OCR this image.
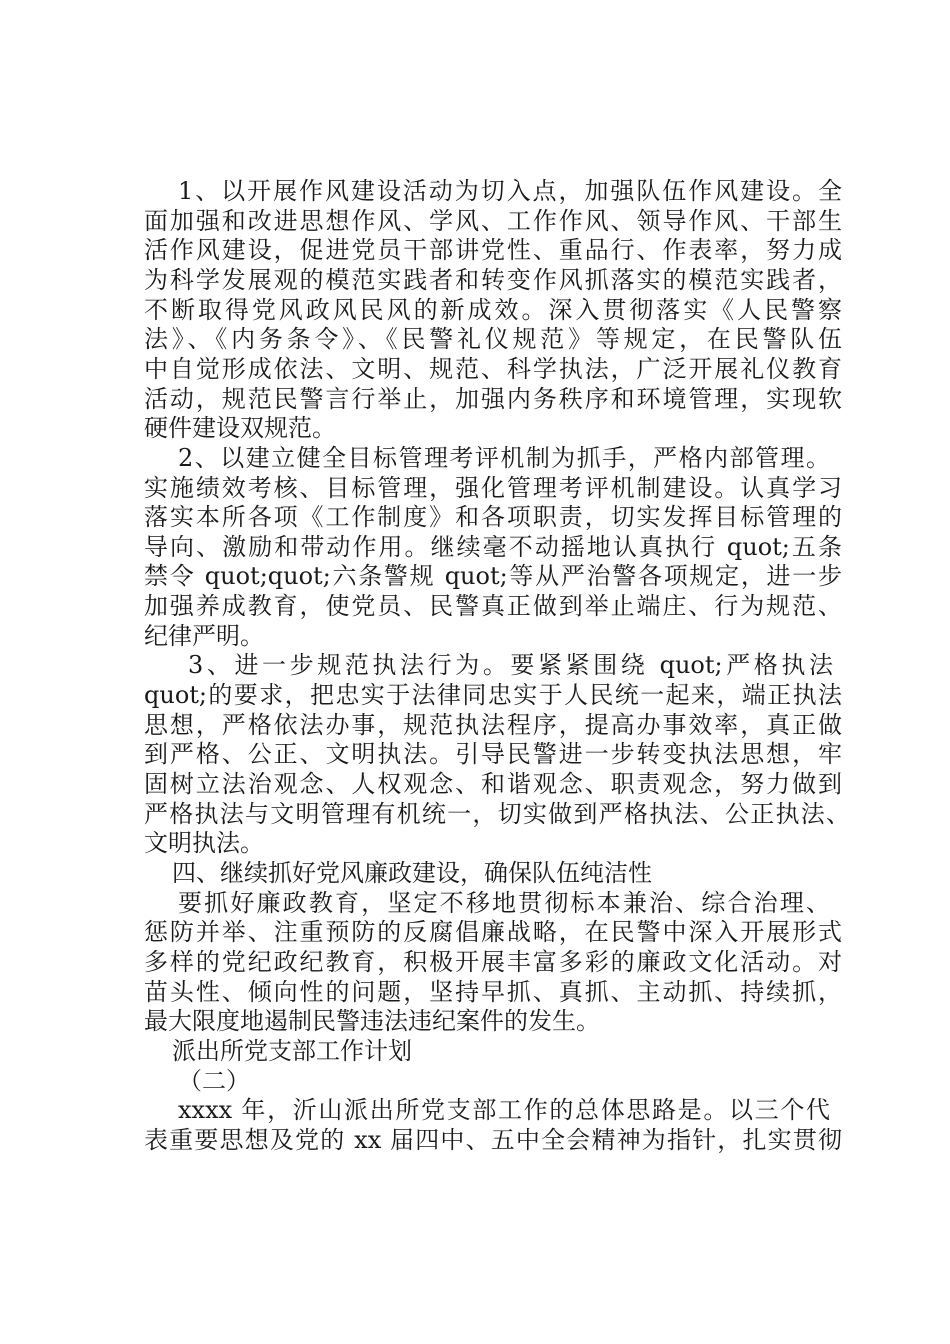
1、以开展作风建设活动为切入点，加强队伍作风建设。全
面加强和改进思想作风、学风、工作作风、领导作风、干部生
活作风建设，促进党员干部讲党性、重品行、作表率，努力成
为科学发展观的模范实践者和转变作风抓落实的模范实践者，
不断取得党风政风民风的新成效。深入贯彻落实《人民警察
法》、《内务条令》、《民警礼仪规范》等规定，在民警队伍
中自觉形成依法、文明、规范、科学执法，广泛开展礼仪教育
活动，规范民警言行举止，加强内务秩序和环境管理，实现软
硬件建设双规范。
2、以建立健全目标管理考评机制为抓手，严格内部管理。
实施绩效考核、目标管理，强化管理考评机制建设。认真学习
落实本所各项《工作制度》和各项职责，切实发挥目标管理的
导向、激励和带动作用。继续毫不动摇地认真执行 quot;五条
禁令 quot;quot;六条警规 quot;等从严治警各项规定，进一步
加强养成教育，使党员、民警真正做到举止端庄、行为规范、
纪律严明。
3、进一步规范执法行为。要紧紧围绕 quot;严格执法
quot;的要求，把忠实于法律同忠实于人民统一起来，端正执法
思想，严格依法办事，规范执法程序，提高办事效率，真正做
到严格、公正、文明执法。引导民警进一步转变执法思想，牢
固树立法治观念、人权观念、和谐观念、职责观念，努力做到
严格执法与文明管理有机统一，切实做到严格执法、公正执法、
文明执法。
四、继续抓好党风廉政建设，确保队伍纯洁性
要抓好廉政教育，坚定不移地贯彻标本兼治、综合治理、
惩防并举、注重预防的反腐倡廉战略，在民警中深入开展形式
多样的党纪政纪教育，积极开展丰富多彩的廉政文化活动。对
苗头性、倾向性的问题，坚持早抓、真抓、主动抓、持续抓，
最大限度地遏制民警违法违纪案件的发生。
派出所党支部工作计划
（二）
xxxx 年，沂山派出所党支部工作的总体思路是。以三个代
表重要思想及党的 xx 届四中、五中全会精神为指针，扎实贯彻
